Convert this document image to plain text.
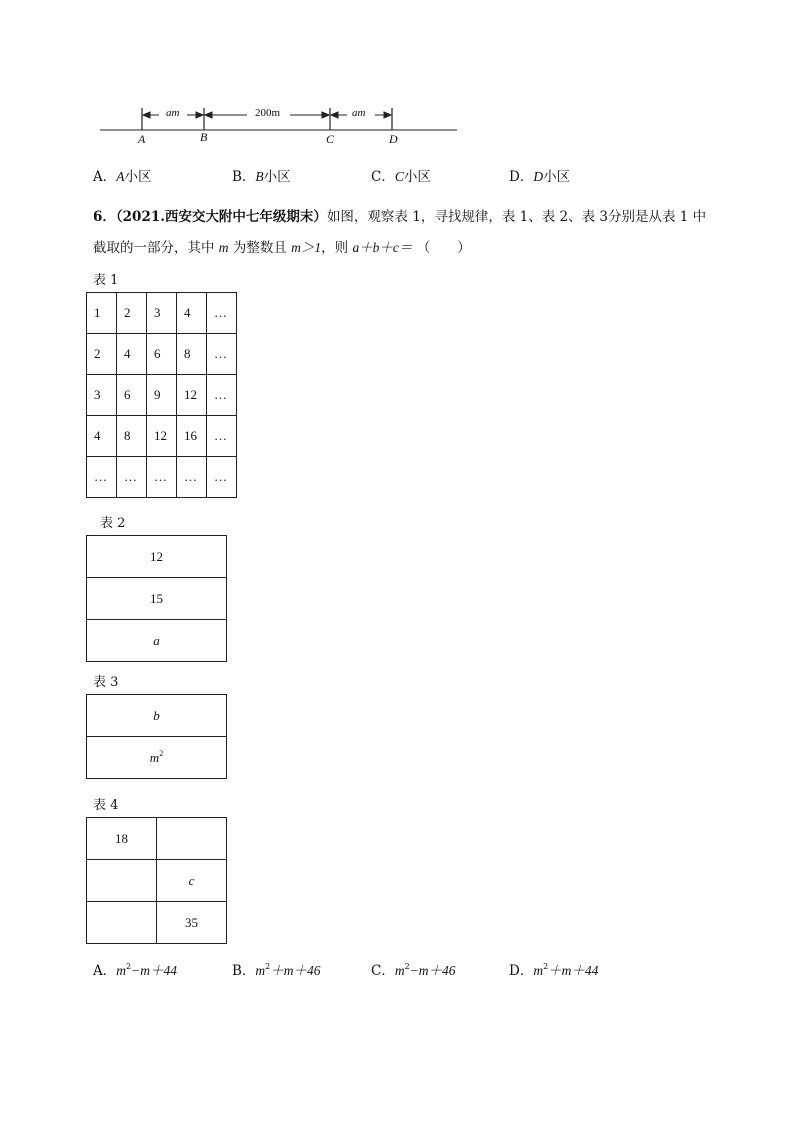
am	200m	am
A	B	C	D
A．A小区	B．B小区	C．C小区	D．D小区
6．（2021.西安交大附中七年级期末）如图，观察表 1，寻找规律，表 1、表 2、表 3分别是从表 1 中
截取的一部分，其中 m 为整数且 m＞1，则 a＋b＋c＝ （　　）
表 1
1	2	3	4	…
2	4	6	8	…
3	6	9	12	…
4	8	12	16	…
…	…	…	…	…
表 2
12
15
a
表 3
b
$m^2$
表 4
18	
	c
	35
A．$m^2-m+44$	B．$m^2+m+46$	C．$m^2-m+46$	D．$m^2+m+44$
